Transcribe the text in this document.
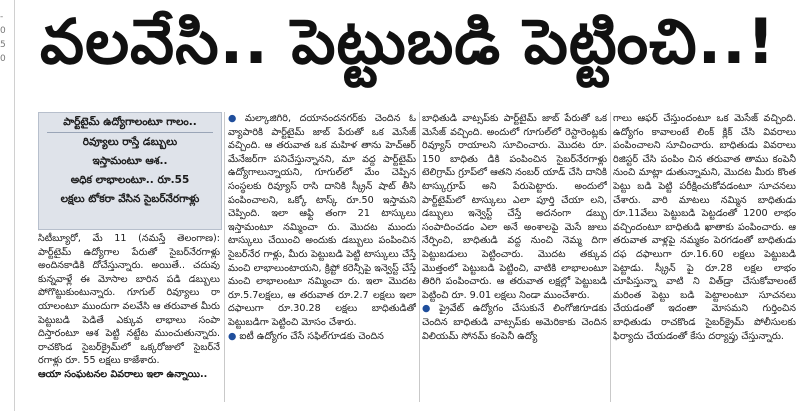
-
0
5
0 వలవేసి.. పెట్టుబడి పెట్టించి..!
పార్ట్‌టైమ్ ఉద్యోగాలంటూ గాలం..
రివ్యూలు రాస్తే డబ్బులు
ఇస్తామంటూ ఆశ..
అధిక లాభాలంటూ.. రూ.55
లక్షలు టోకరా వేసిన సైబర్‌నేరగాళ్లు

సిటీబ్యూరో, మే 11 (నమస్తే తెలంగాణ): పార్ట్‌టైమ్ ఉద్యోగాల పేరుతో సైబర్‌నేరగాళ్లు అందినకాడికి దోచేస్తున్నారు. అయితే.. చదువు కున్నవాళ్లే ఈ మోసాల బారిన పడి డబ్బులు పోగొట్టుకుంటున్నారు. గూగుల్ రివ్యూలు రా యాలంటూ ముందుగా వలవేసి ఆ తరువాత మీరు పెట్టుబడి పెడితే ఎక్కువ లాభాలు సంపా దిస్తారంటూ ఆశ పెట్టి నట్టేట ముంచుతున్నారు. రాచకొండ సైబర్‌క్రైమ్‌లో ఒక్కరోజులో సైబర్‌నే రగాళ్లు రూ. 55 లక్షలు కాజేశారు.

ఆయా సంఘటనల వివరాలు ఇలా ఉన్నాయి..

● మల్కాజిగిరి, దయానందనగర్‌కు చెందిన ఓ వ్యాపారికి పార్ట్‌టైమ్ జాబ్ పేరుతో ఒక మెసేజ్ వచ్చింది. ఆ తరువాత ఒక మహిళ తాను హెచ్‌ఆర్ మేనేజర్‌గా పనిచేస్తున్నానని, మా వద్ద పార్ట్‌టైమ్ ఉద్యోగాలున్నాయని, గూగుల్‌లో మేం చెప్పిన సంస్థలకు రివ్యూస్ రాసి దానికి స్క్రీన్ షాట్ తీసి పంపించాలని, ఒక్కో టాస్క్ రూ.50 ఇస్తామని చెప్పింది. ఇలా ఆఫ్టి తంగా 21 టాస్కులు ఇస్తామంటూ నమ్మించా రు. మొదట ముందు టాస్కులు చేయించి అందుకు డబ్బులు పంపించిన సైబర్‌నేర గాళ్లు, మీరు పెట్టుబడి పెట్టి టాస్కులు చేస్తే మంచి లాభాలుంటాయని, క్రిప్టో కరెన్సీపై ఇన్వెస్ట్ చేస్తే మంచి లాభాలంటూ నమ్మించా రు. ఇలా మొదట రూ.5.7లక్షలు, ఆ తరువాత రూ.2.7 లక్షలు ఇలా దఫాలుగా రూ.30.28 లక్షలు బాధితుడితో పెట్టుబడిగా పెట్టించి మోసం చేశారు.

● ఐటీ ఉద్యోగం చేసే సఫిల్‌గూడకు చెందిన

బాధితుడి వాట్సప్‌కు పార్ట్‌టైమ్ జాబ్ పేరుతో ఒక మెసేజ్ వచ్చింది. అందులో గూగుల్‌లో రెస్టారెంట్లకు రివ్యూస్ రాయాలని సూచించారు. మొదట రూ. 150 బాధితు డికి పంపించిన సైబర్‌నేరగాళ్లు టెలిగ్రామ్ గ్రూప్‌లో ఆతని నంబర్ యాడ్ చేసి దానికి టాస్కుగ్రూప్ అని పేరుపెట్టారు. అందులో పార్ట్‌టైమ్‌లో టాస్కులు ఎలా పూర్తి చేయా లని, డబ్బులు ఇన్వెస్ట్ చేస్తే అదనంగా డబ్బు సంపాదించడం ఎలా అనే అంశాలపై మెసే జులు నేర్పించి, బాధితుడి వద్ద నుంచి నెమ్మ దిగా పెట్టుబడులు పెట్టించారు. మొదట తక్కువ మొత్తంలో పెట్టుబడి పెట్టించి, వాటికి లాభాలంటూ తిరిగి పంపించారు. ఆ తరువాత లక్షల్లో పెట్టుబడి పెట్టించి రూ. 9.01 లక్షలు నిండా ముంచేశారు.

● ప్రైవేట్ ఉద్యోగం చేసుకునే లింగోజిగూడకు చెందిన బాధితుడి వాట్సప్‌కు అమెరికాకు చెందిన విలియమ్ సోనమ్ కంపెనీ ఉద్యో

గాలు ఆఫర్ చేస్తుందంటూ ఒక మెసేజ్ వచ్చింది. ఉద్యోగం కావాలంటే లింక్ క్లిక్ చేసి వివరాలు పంపించాలని సూచించారు. బాధితుడు వివరాలు రిజిస్టర్ చేసి పంపిం చిన తరువాత తాము కంపెనీ నుంచి మాట్లా డుతున్నామని, మొదట మీరు కొంత పెట్టు బడి పెట్టి పరీక్షించుకోవడంటూ సూచనలు చేశారు. వారి మాటలు నమ్మిన బాధితుడు రూ.11వేలు పెట్టుబడి పెట్టడంతో 1200 లాభం వచ్చిందంటూ బాధితుడి ఖాతాకు పంపించారు. ఆ తరువాత వాళ్లపై నమ్మకం పెరగడంతో బాధితుడు దఫ దఫాలుగా రూ.16.60 లక్షలు పెట్టుబడి పెట్టాడు. స్క్రీన్ పై రూ.28 లక్షల లాభం చూపిస్తున్నా వాటి ని విత్‌డ్రా చేసుకోవాలంటే మరింత పెట్టు బడి పెట్టాలంటూ సూచనలు చేయడంతో ఇదంతా మోసమని గుర్తించిన బాధితుడు రాచకొండ సైబర్‌క్రైమ్ పోలీసులకు ఫిర్యాదు చేయడంతో కేసు దర్యాప్తు చేస్తున్నారు.
